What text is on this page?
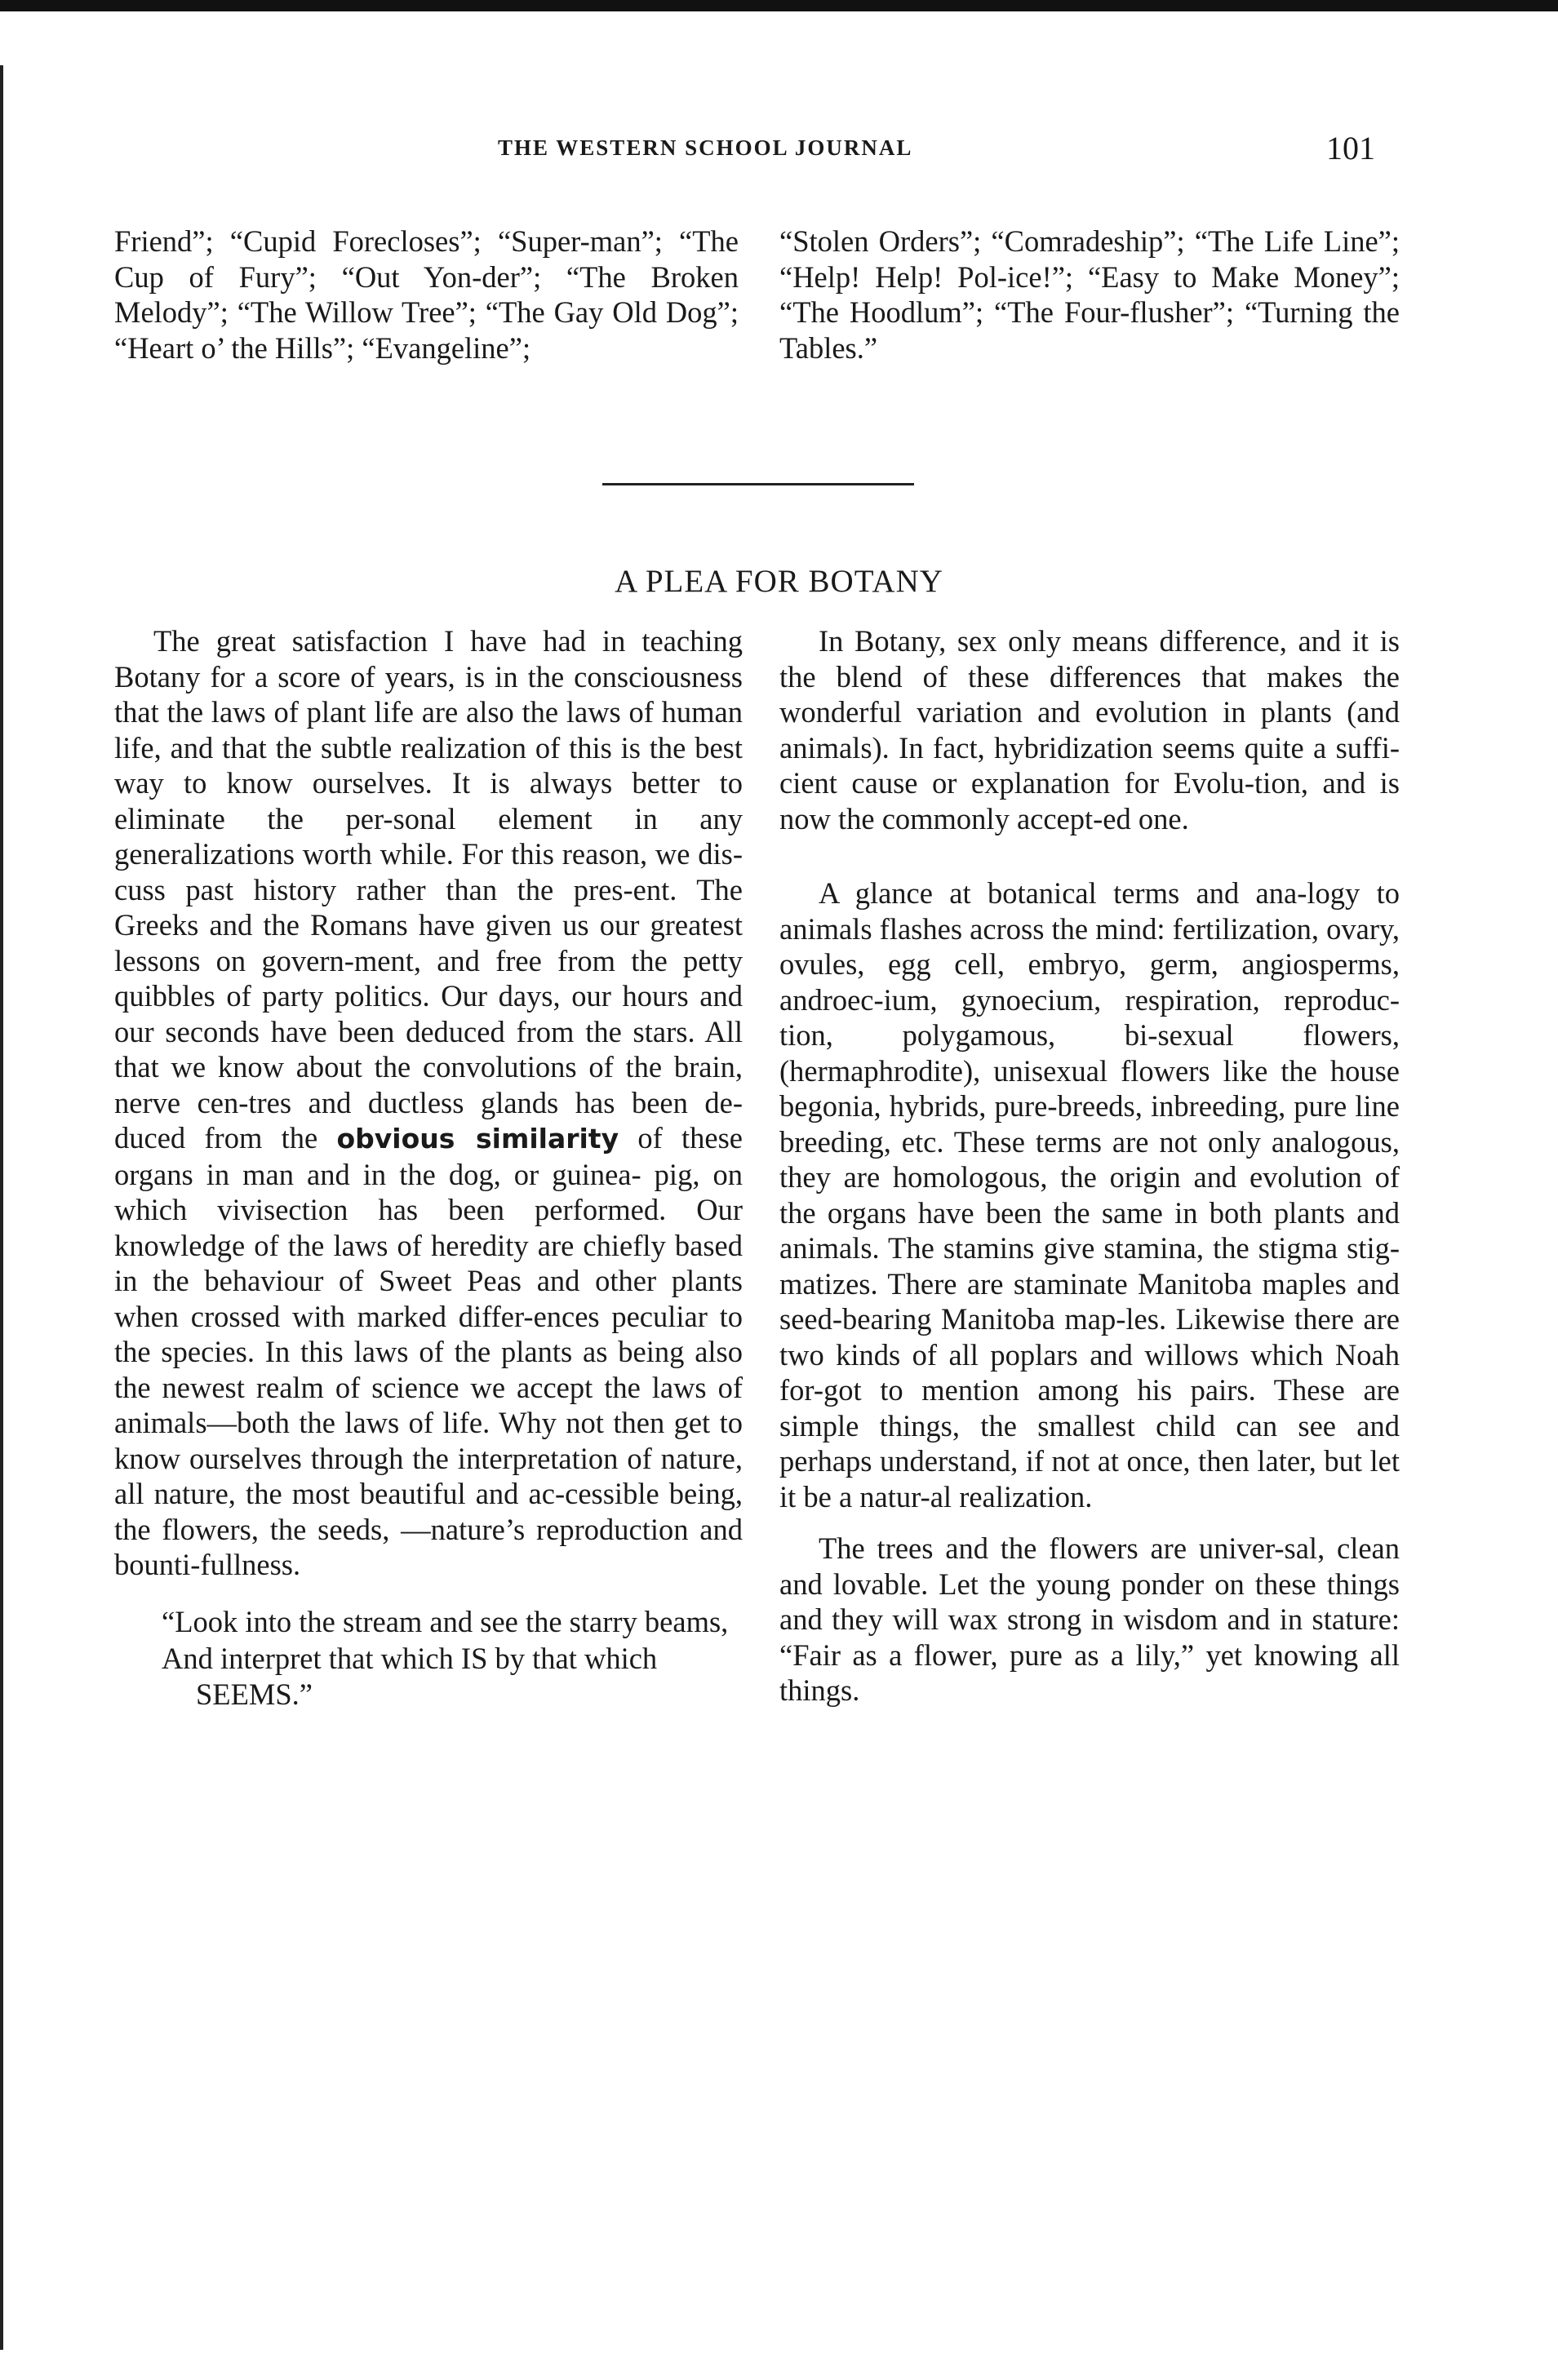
THE WESTERN SCHOOL JOURNAL	101

Friend”; “Cupid Forecloses”; “Super-man”; “The Cup of Fury”; “Out Yon-der”; “The Broken Melody”; “The Willow Tree”; “The Gay Old Dog”; “Heart o’ the Hills”; “Evangeline”;

“Stolen Orders”; “Comradeship”; “The Life Line”; “Help! Help! Pol-ice!”; “Easy to Make Money”; “The Hoodlum”; “The Four-flusher”; “Turning the Tables.”

A PLEA FOR BOTANY

The great satisfaction I have had in teaching Botany for a score of years, is in the consciousness that the laws of plant life are also the laws of human life, and that the subtle realization of this is the best way to know ourselves. It is always better to eliminate the per-sonal element in any generalizations worth while. For this reason, we dis-cuss past history rather than the pres-ent. The Greeks and the Romans have given us our greatest lessons on govern-ment, and free from the petty quibbles of party politics. Our days, our hours and our seconds have been deduced from the stars. All that we know about the convolutions of the brain, nerve cen-tres and ductless glands has been de-duced from the obvious similarity of these organs in man and in the dog, or guinea- pig, on which vivisection has been performed. Our knowledge of the laws of heredity are chiefly based in the behaviour of Sweet Peas and other plants when crossed with marked differ-ences peculiar to the species. In this laws of the plants as being also the newest realm of science we accept the laws of animals—both the laws of life. Why not then get to know ourselves through the interpretation of nature, all nature, the most beautiful and ac-cessible being, the flowers, the seeds, —nature’s reproduction and bounti-fullness.

“Look into the stream and see the starry beams,

And interpret that which IS by that which SEEMS.”

In Botany, sex only means difference, and it is the blend of these differences that makes the wonderful variation and evolution in plants (and animals). In fact, hybridization seems quite a suffi-cient cause or explanation for Evolu-tion, and is now the commonly accept-ed one.

A glance at botanical terms and ana-logy to animals flashes across the mind: fertilization, ovary, ovules, egg cell, embryo, germ, angiosperms, androec-ium, gynoecium, respiration, reproduc-tion, polygamous, bi-sexual flowers, (hermaphrodite), unisexual flowers like the house begonia, hybrids, pure-breeds, inbreeding, pure line breeding, etc. These terms are not only analogous, they are homologous, the origin and evolution of the organs have been the same in both plants and animals. The stamins give stamina, the stigma stig-matizes. There are staminate Manitoba maples and seed-bearing Manitoba map-les. Likewise there are two kinds of all poplars and willows which Noah for-got to mention among his pairs. These are simple things, the smallest child can see and perhaps understand, if not at once, then later, but let it be a natur-al realization.

The trees and the flowers are univer-sal, clean and lovable. Let the young ponder on these things and they will wax strong in wisdom and in stature: “Fair as a flower, pure as a lily,” yet knowing all things.
